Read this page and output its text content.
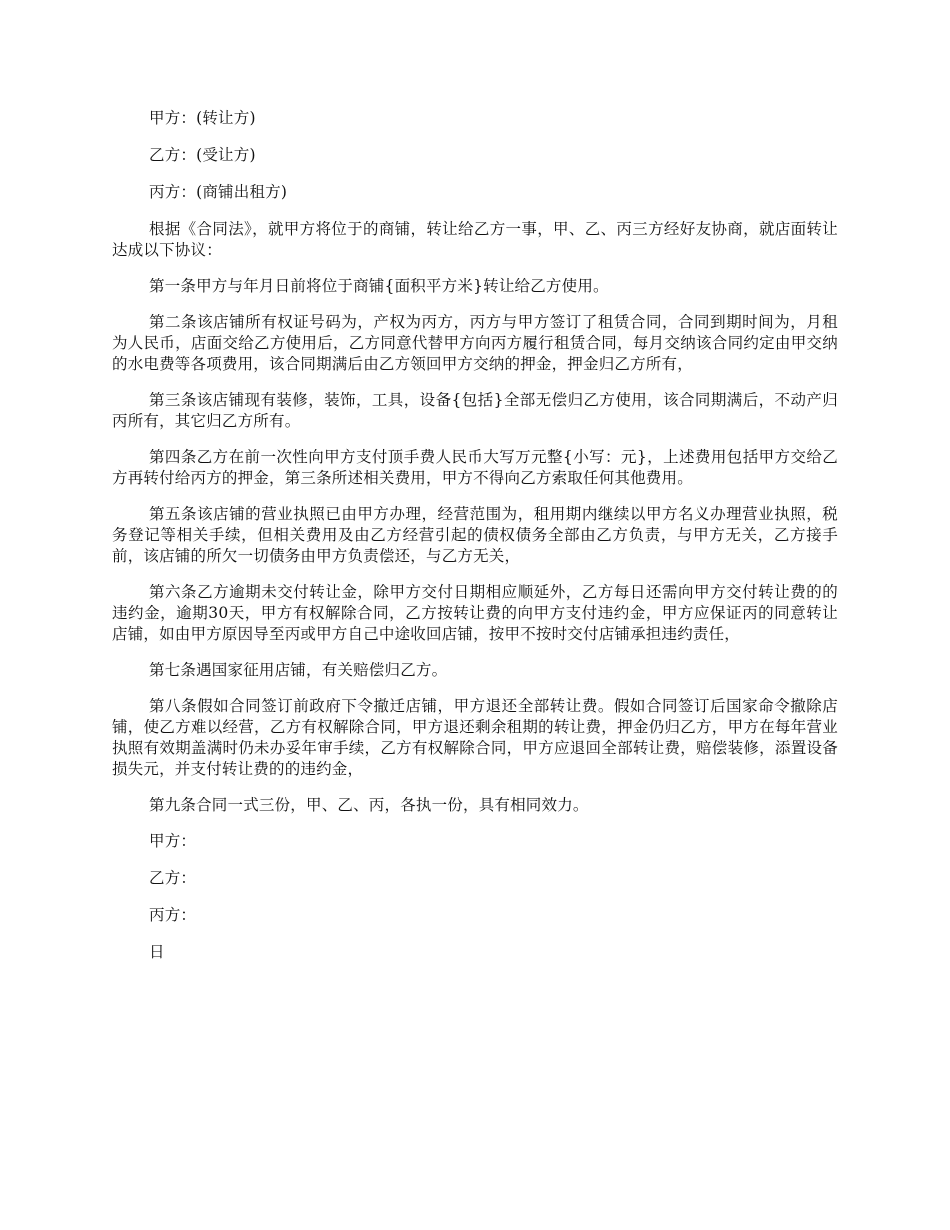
甲方：(转让方)

乙方：(受让方)

丙方：(商铺出租方)

根据《合同法》，就甲方将位于的商铺，转让给乙方一事，甲、乙、丙三方经好友协商，就店面转让达成以下协议：

第一条甲方与年月日前将位于商铺{面积平方米}转让给乙方使用。

第二条该店铺所有权证号码为，产权为丙方，丙方与甲方签订了租赁合同，合同到期时间为，月租为人民币，店面交给乙方使用后，乙方同意代替甲方向丙方履行租赁合同，每月交纳该合同约定由甲交纳的水电费等各项费用，该合同期满后由乙方领回甲方交纳的押金，押金归乙方所有，

第三条该店铺现有装修，装饰，工具，设备{包括}全部无偿归乙方使用，该合同期满后，不动产归丙所有，其它归乙方所有。

第四条乙方在前一次性向甲方支付顶手费人民币大写万元整{小写：元}，上述费用包括甲方交给乙方再转付给丙方的押金，第三条所述相关费用，甲方不得向乙方索取任何其他费用。

第五条该店铺的营业执照已由甲方办理，经营范围为，租用期内继续以甲方名义办理营业执照，税务登记等相关手续，但相关费用及由乙方经营引起的债权债务全部由乙方负责，与甲方无关，乙方接手前，该店铺的所欠一切债务由甲方负责偿还，与乙方无关，

第六条乙方逾期未交付转让金，除甲方交付日期相应顺延外，乙方每日还需向甲方交付转让费的的违约金，逾期30天，甲方有权解除合同，乙方按转让费的向甲方支付违约金，甲方应保证丙的同意转让店铺，如由甲方原因导至丙或甲方自己中途收回店铺，按甲不按时交付店铺承担违约责任，

第七条遇国家征用店铺，有关赔偿归乙方。

第八条假如合同签订前政府下令撤迁店铺，甲方退还全部转让费。假如合同签订后国家命令撤除店铺，使乙方难以经营，乙方有权解除合同，甲方退还剩余租期的转让费，押金仍归乙方，甲方在每年营业执照有效期盖满时仍未办妥年审手续，乙方有权解除合同，甲方应退回全部转让费，赔偿装修，添置设备损失元，并支付转让费的的违约金，

第九条合同一式三份，甲、乙、丙，各执一份，具有相同效力。

甲方：

乙方：

丙方：

日
